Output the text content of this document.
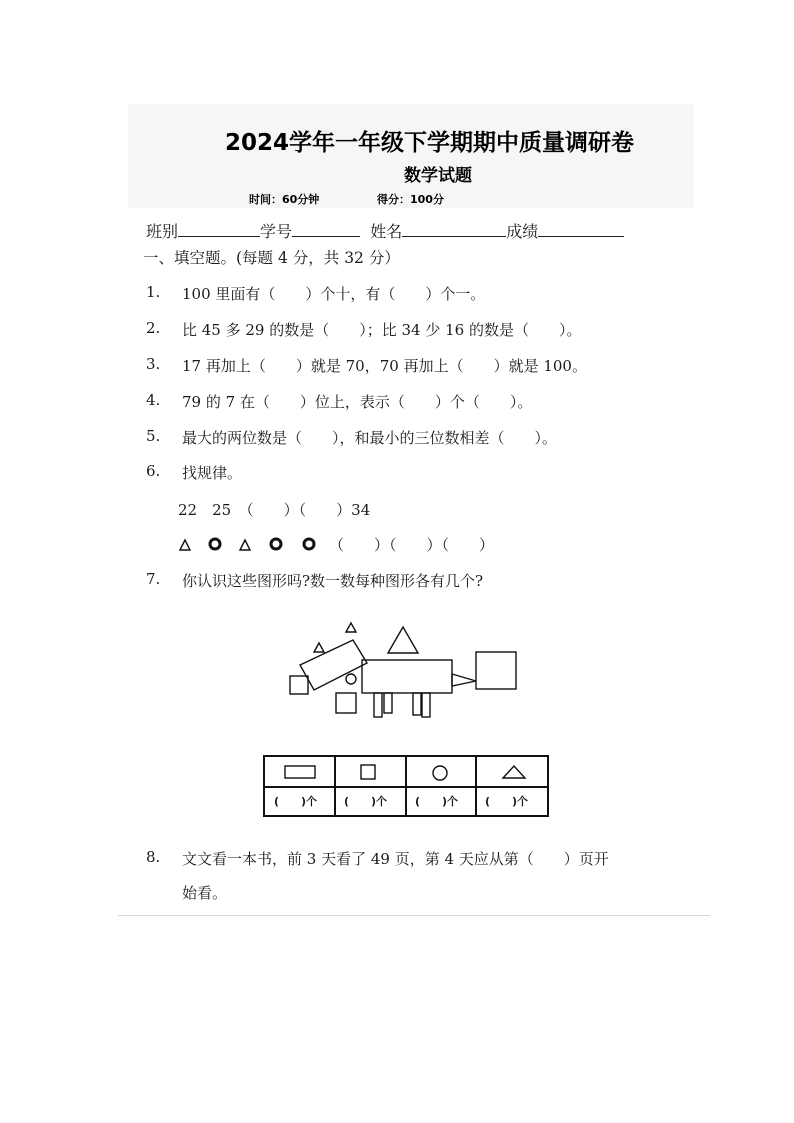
2024学年一年级下学期期中质量调研卷
数学试题
时间：60分钟	得分：100分
班别	学号	姓名	成绩
一、填空题。(每题 4 分，共 32 分）
1. 100 里面有（　　）个十，有（　　）个一。
2. 比 45 多 29 的数是（　　）；比 34 少 16 的数是（　　）。
3. 17 再加上（　　）就是 70，70 再加上（　　）就是 100。
4. 79 的 7 在（　　）位上，表示（　　）个（　　）。
5. 最大的两位数是（　　），和最小的三位数相差（　　）。
6. 找规律。
22　25　（　　）（　　）34
（　　）（　　）（　　）
7. 你认识这些图形吗?数一数每种图形各有几个?
(　　)个 (　　)个	(　　)个 (　　)个
8. 文文看一本书，前 3 天看了 49 页，第 4 天应从第（　　）页开
始看。
